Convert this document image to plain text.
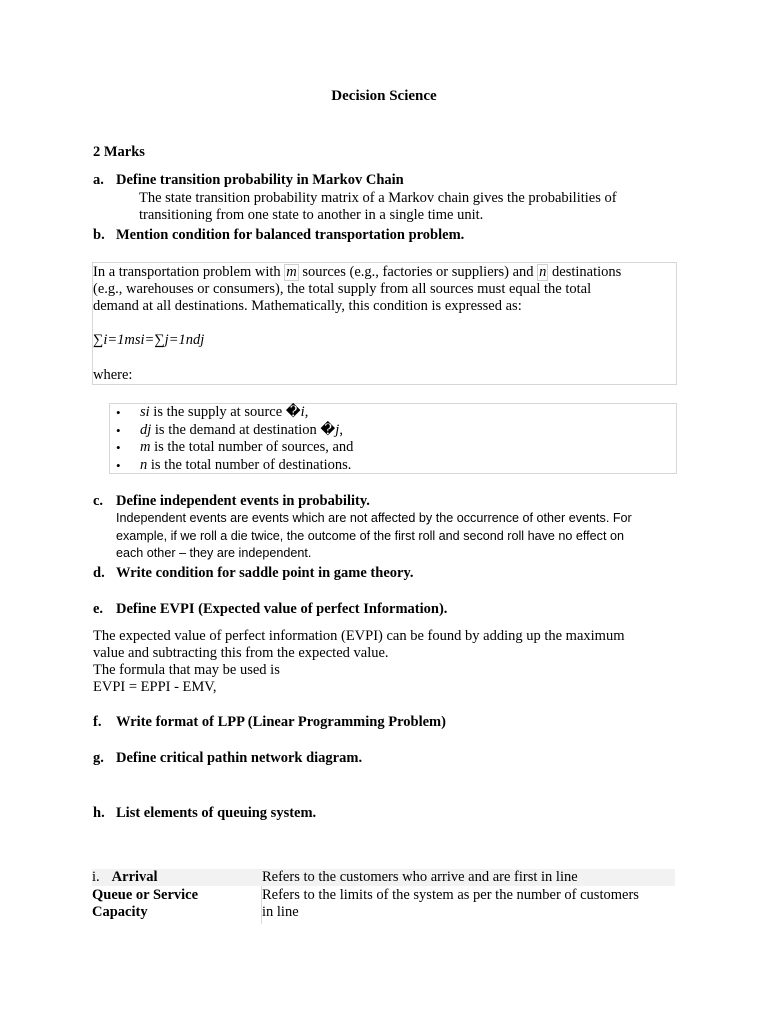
Decision Science
2 Marks
a. Define transition probability in Markov Chain
The state transition probability matrix of a Markov chain gives the probabilities of
transitioning from one state to another in a single time unit.
b. Mention condition for balanced transportation problem.
In a transportation problem with m sources (e.g., factories or suppliers) and n destinations
(e.g., warehouses or consumers), the total supply from all sources must equal the total
demand at all destinations. Mathematically, this condition is expressed as:
∑i=1msi=∑j=1ndj
where:
• si is the supply at source �i,
• dj is the demand at destination �j,
• m is the total number of sources, and
• n is the total number of destinations.
c. Define independent events in probability.
Independent events are events which are not affected by the occurrence of other events. For
example, if we roll a die twice, the outcome of the first roll and second roll have no effect on
each other – they are independent.
d. Write condition for saddle point in game theory.
e. Define EVPI (Expected value of perfect Information).
The expected value of perfect information (EVPI) can be found by adding up the maximum
value and subtracting this from the expected value.
The formula that may be used is
EVPI = EPPI - EMV,
f.	Write format of LPP (Linear Programming Problem)
g. Define critical pathin network diagram.
h. List elements of queuing system.
i. Arrival	Refers to the customers who arrive and are first in line
Queue or Service
Capacity
Refers to the limits of the system as per the number of customers
in line
